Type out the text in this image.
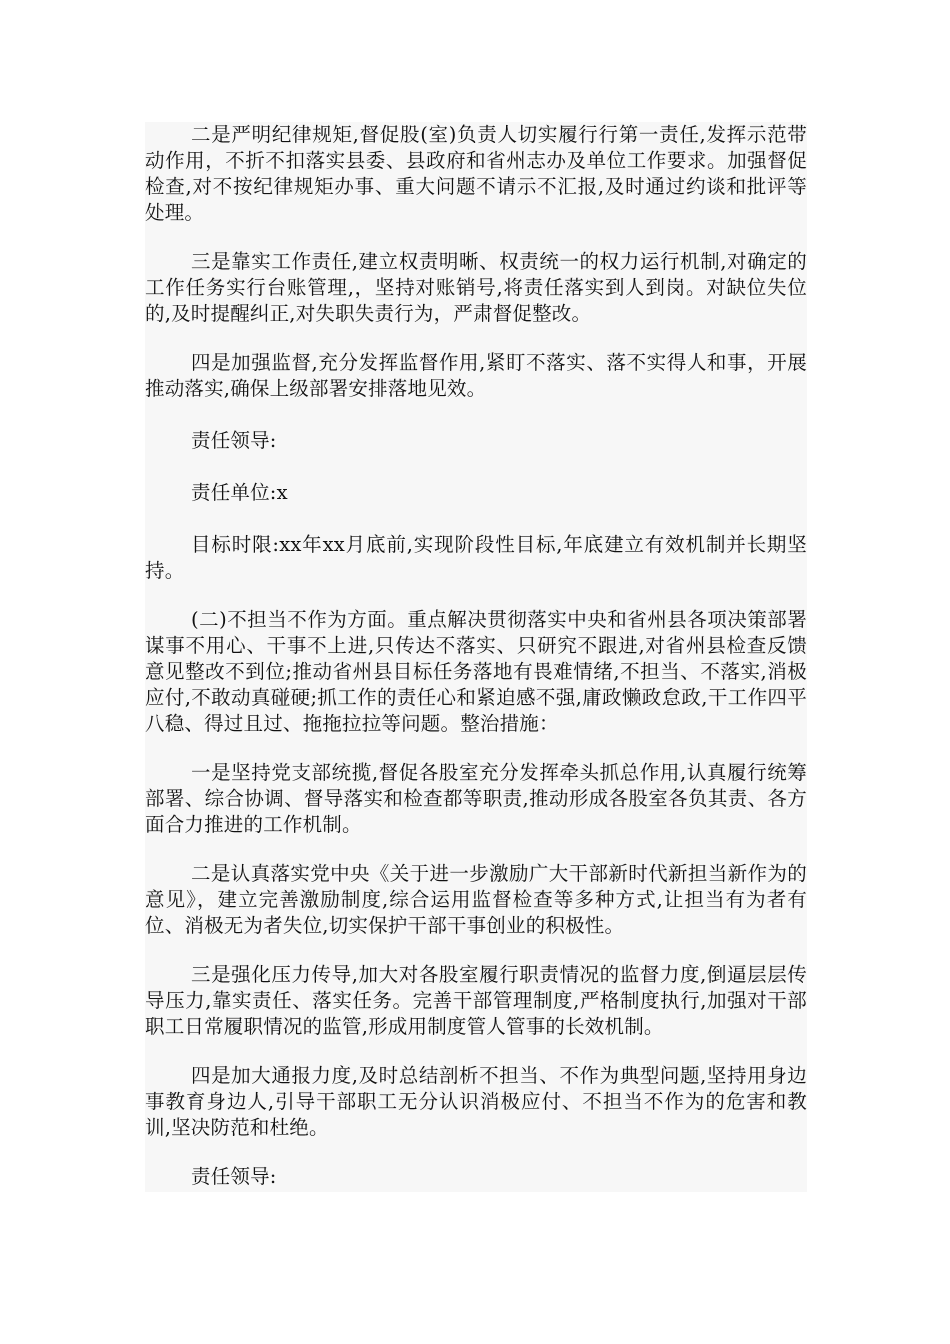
二是严明纪律规矩,督促股(室)负责人切实履行行第一责任,发挥示范带动作用，不折不扣落实县委、县政府和省州志办及单位工作要求。加强督促检查,对不按纪律规矩办事、重大问题不请示不汇报,及时通过约谈和批评等处理。

三是靠实工作责任,建立权责明晰、权责统一的权力运行机制,对确定的工作任务实行台账管理,，坚持对账销号,将责任落实到人到岗。对缺位失位的,及时提醒纠正,对失职失责行为，严肃督促整改。

四是加强监督,充分发挥监督作用,紧盯不落实、落不实得人和事，开展推动落实,确保上级部署安排落地见效。

责任领导:

责任单位:x

目标时限:xx年xx月底前,实现阶段性目标,年底建立有效机制并长期坚持。

(二)不担当不作为方面。重点解决贯彻落实中央和省州县各项决策部署谋事不用心、干事不上进,只传达不落实、只研究不跟进,对省州县检查反馈意见整改不到位;推动省州县目标任务落地有畏难情绪,不担当、不落实,消极应付,不敢动真碰硬;抓工作的责任心和紧迫感不强,庸政懒政怠政,干工作四平八稳、得过且过、拖拖拉拉等问题。整治措施：

一是坚持党支部统揽,督促各股室充分发挥牵头抓总作用,认真履行统筹部署、综合协调、督导落实和检查都等职责,推动形成各股室各负其责、各方面合力推进的工作机制。

二是认真落实党中央《关于进一步激励广大干部新时代新担当新作为的意见》，建立完善激励制度,综合运用监督检查等多种方式,让担当有为者有位、消极无为者失位,切实保护干部干事创业的积极性。

三是强化压力传导,加大对各股室履行职责情况的监督力度,倒逼层层传导压力,靠实责任、落实任务。完善干部管理制度,严格制度执行,加强对干部职工日常履职情况的监管,形成用制度管人管事的长效机制。

四是加大通报力度,及时总结剖析不担当、不作为典型问题,坚持用身边事教育身边人,引导干部职工无分认识消极应付、不担当不作为的危害和教训,坚决防范和杜绝。

责任领导:
